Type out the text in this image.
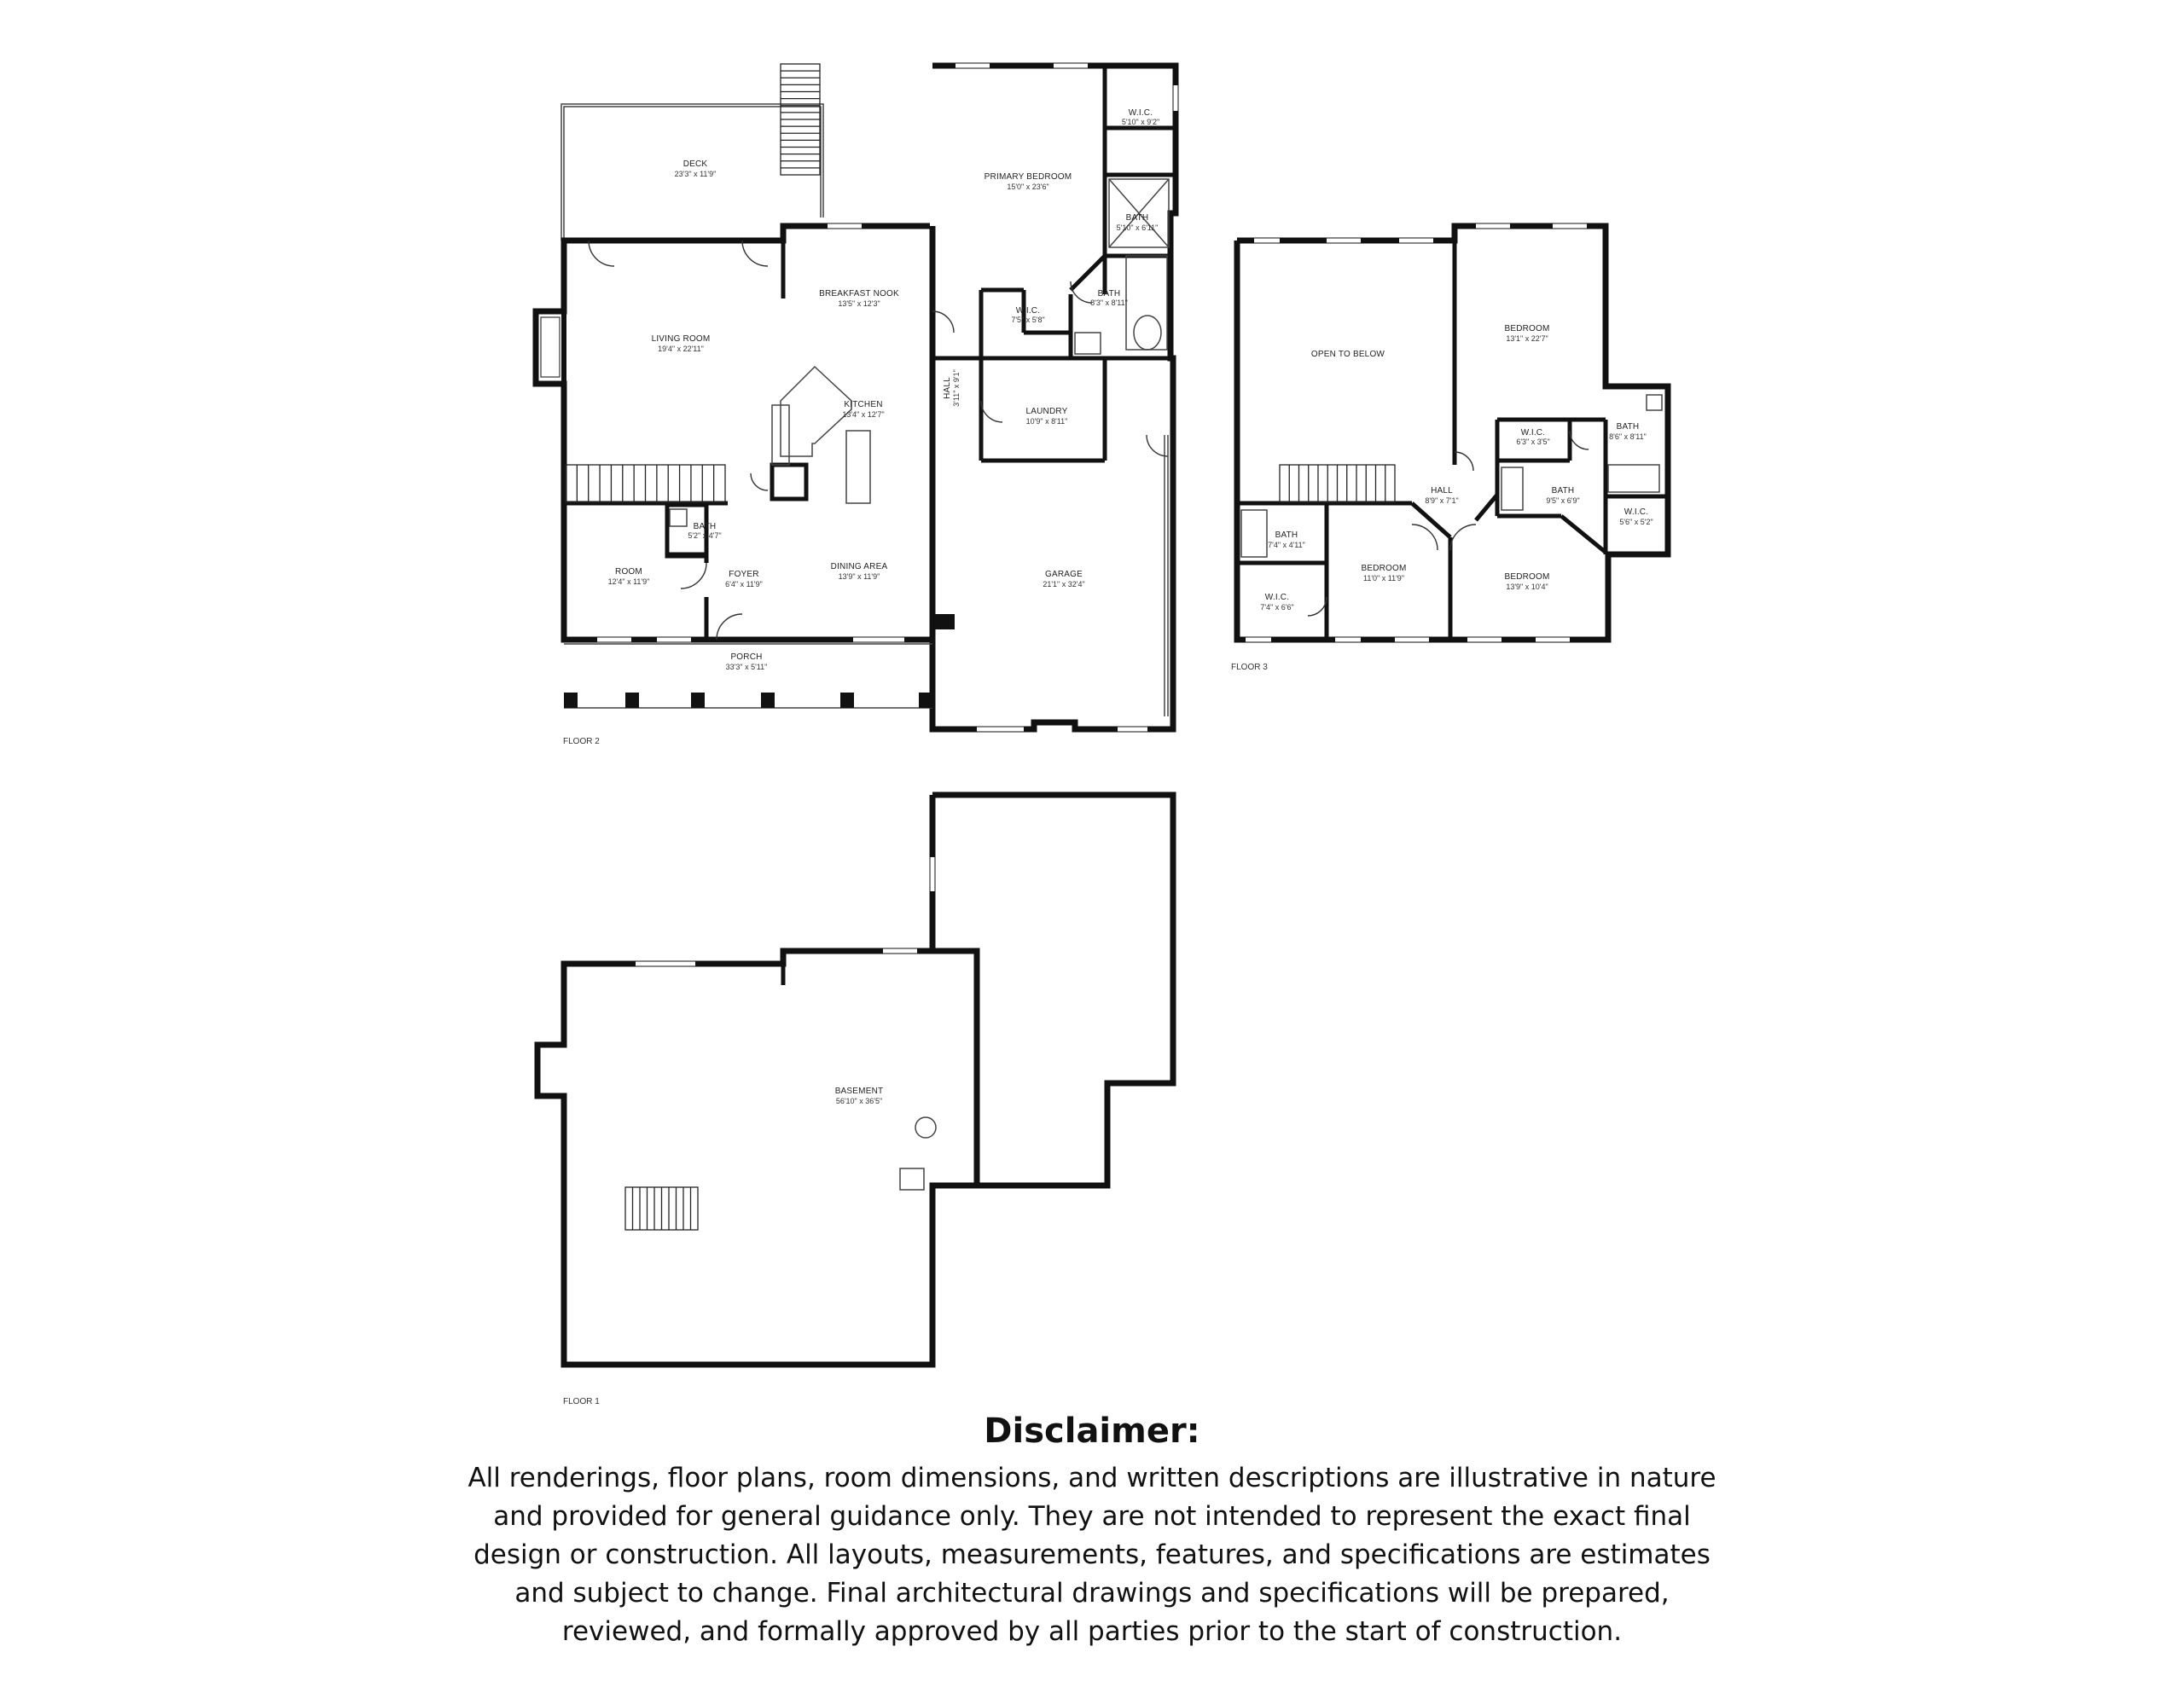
DECK
23'3" x 11'9"	PRIMARY BEDROOM
15'0" x 23'6"
W.I.C.
5'10" x 9'2"
BATH
5'10" x 6'11"
BATH
8'3" x 8'11"
W.I.C.
7'5" x 5'8"
BREAKFAST NOOK
13'5" x 12'3"
LIVING ROOM
19'4" x 22'11"
KITCHEN
13'4" x 12'7"
HALL 3'11" x 9'1"
LAUNDRY
10'9" x 8'11"
BATH
5'2" x 4'7"
ROOM
12'4" x 11'9"
FOYER
6'4" x 11'9"
DINING AREA
13'9" x 11'9"	GARAGE
21'1" x 32'4"
PORCH
33'3" x 5'11"
FLOOR 2
OPEN TO BELOW
BEDROOM
13'1" x 22'7"
BATH
8'6" x 8'11"
W.I.C.
6'3" x 3'5"
HALL
8'9" x 7'1"
BATH
9'5" x 6'9"
W.I.C.
5'6" x 5'2"
BATH
7'4" x 4'11"
BEDROOM
11'0" x 11'9"	BEDROOM
13'9" x 10'4"
W.I.C.
7'4" x 6'6"
FLOOR 3
BASEMENT
56'10" x 36'5"
FLOOR 1
Disclaimer:
All renderings, floor plans, room dimensions, and written descriptions are illustrative in nature and provided for general guidance only. They are not intended to represent the exact final design or construction. All layouts, measurements, features, and specifications are estimates and subject to change. Final architectural drawings and specifications will be prepared, reviewed, and formally approved by all parties prior to the start of construction.
